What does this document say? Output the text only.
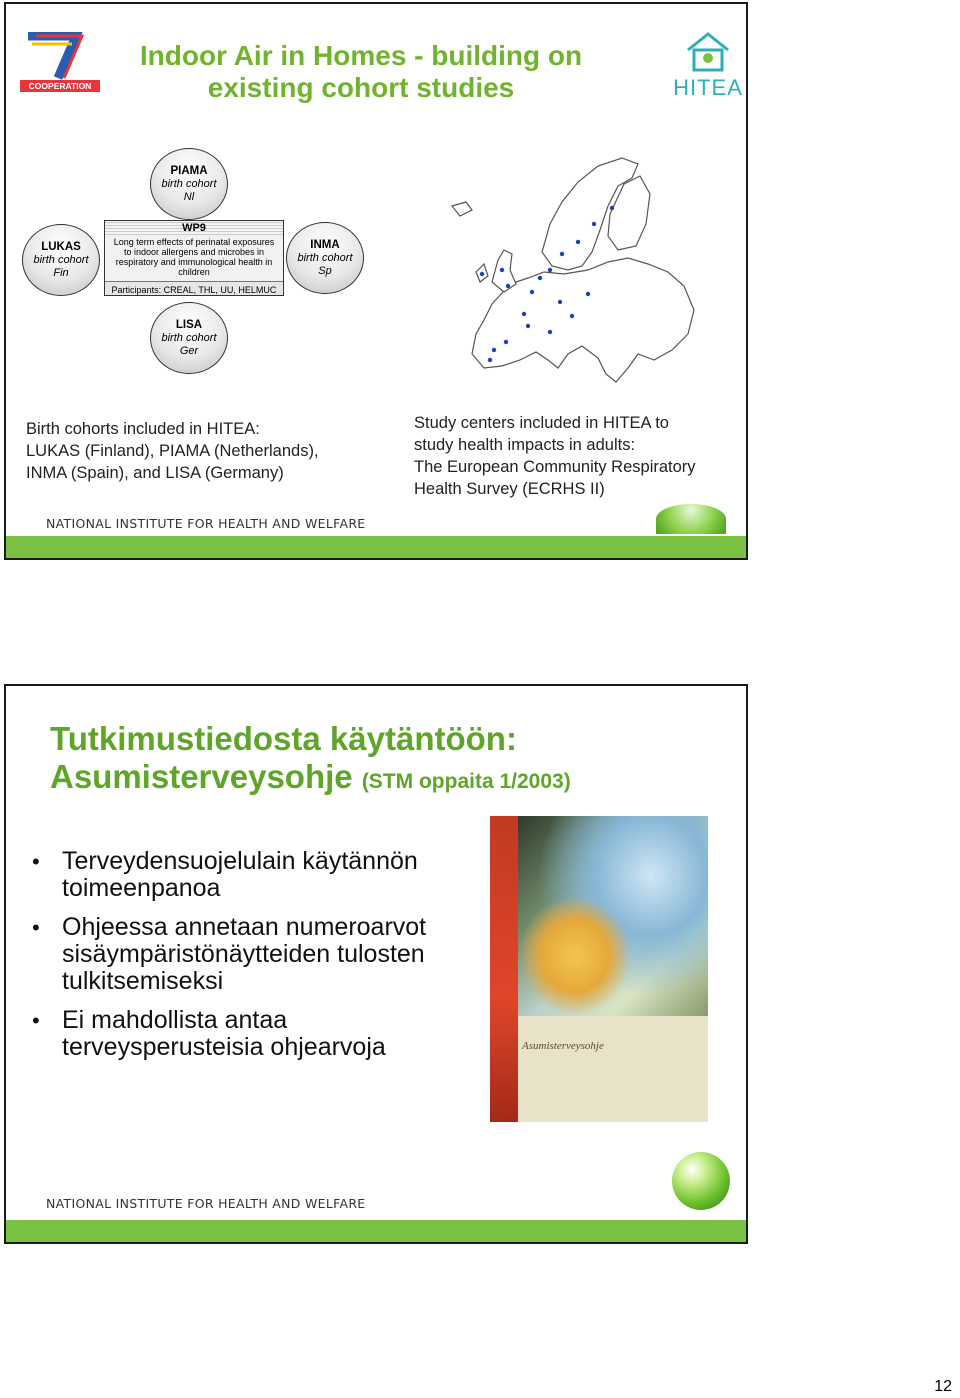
COOPERATION
Indoor Air in Homes - building on existing cohort studies	HITEA
PIAMA
birth cohort
Nl
LUKAS
birth cohort
Fin
INMA
birth cohort
Sp
LISA
birth cohort
Ger
WP9
Long term effects of perinatal exposures to indoor allergens and microbes in respiratory and immunological health in children
Participants: CREAL, THL, UU, HELMUC
Birth cohorts included in HITEA:
LUKAS (Finland), PIAMA (Netherlands),
INMA (Spain), and LISA (Germany)
Study centers included in HITEA to
study health impacts in adults:
The European Community Respiratory
Health Survey (ECRHS II)
NATIONAL INSTITUTE FOR HEALTH AND WELFARE
Tutkimustiedosta käytäntöön:
Asumisterveysohje (STM oppaita 1/2003)
• Terveydensuojelulain käytännön toimeenpanoa
• Ohjeessa annetaan numeroarvot sisäympäristönäytteiden tulosten tulkitsemiseksi
• Ei mahdollista antaa terveysperusteisia ohjearvoja	Asumisterveysohje
NATIONAL INSTITUTE FOR HEALTH AND WELFARE
12
